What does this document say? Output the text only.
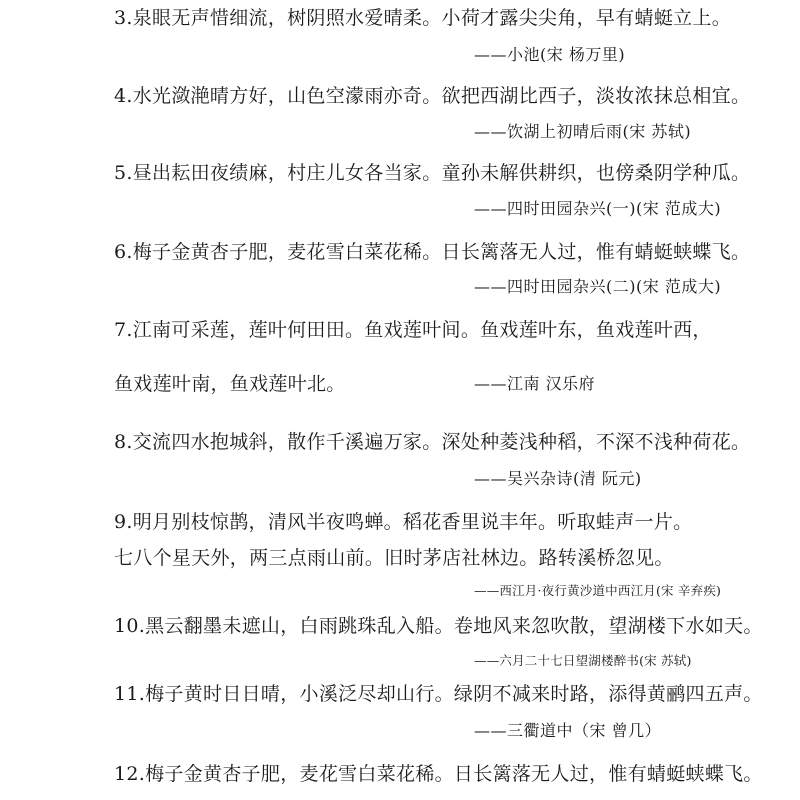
3.泉眼无声惜细流，树阴照水爱晴柔。小荷才露尖尖角，早有蜻蜓立上。
——小池(宋 杨万里)
4.水光潋滟晴方好，山色空濛雨亦奇。欲把西湖比西子，淡妆浓抹总相宜。
——饮湖上初晴后雨(宋 苏轼)
5.昼出耘田夜绩麻，村庄儿女各当家。童孙未解供耕织，也傍桑阴学种瓜。
——四时田园杂兴(一)(宋 范成大)
6.梅子金黄杏子肥，麦花雪白菜花稀。日长篱落无人过，惟有蜻蜓蛱蝶飞。
——四时田园杂兴(二)(宋 范成大)
7.江南可采莲，莲叶何田田。鱼戏莲叶间。鱼戏莲叶东，鱼戏莲叶西，
鱼戏莲叶南，鱼戏莲叶北。	——江南 汉乐府
8.交流四水抱城斜，散作千溪遍万家。深处种菱浅种稻，不深不浅种荷花。
——吴兴杂诗(清 阮元)
9.明月别枝惊鹊，清风半夜鸣蝉。稻花香里说丰年。听取蛙声一片。
七八个星天外，两三点雨山前。旧时茅店社林边。路转溪桥忽见。
——西江月·夜行黄沙道中西江月(宋 辛弃疾)
10.黑云翻墨未遮山，白雨跳珠乱入船。卷地风来忽吹散，望湖楼下水如天。
——六月二十七日望湖楼醉书(宋 苏轼)
11.梅子黄时日日晴，小溪泛尽却山行。绿阴不减来时路，添得黄鹂四五声。
——三衢道中（宋 曾几）
12.梅子金黄杏子肥，麦花雪白菜花稀。日长篱落无人过，惟有蜻蜓蛱蝶飞。
